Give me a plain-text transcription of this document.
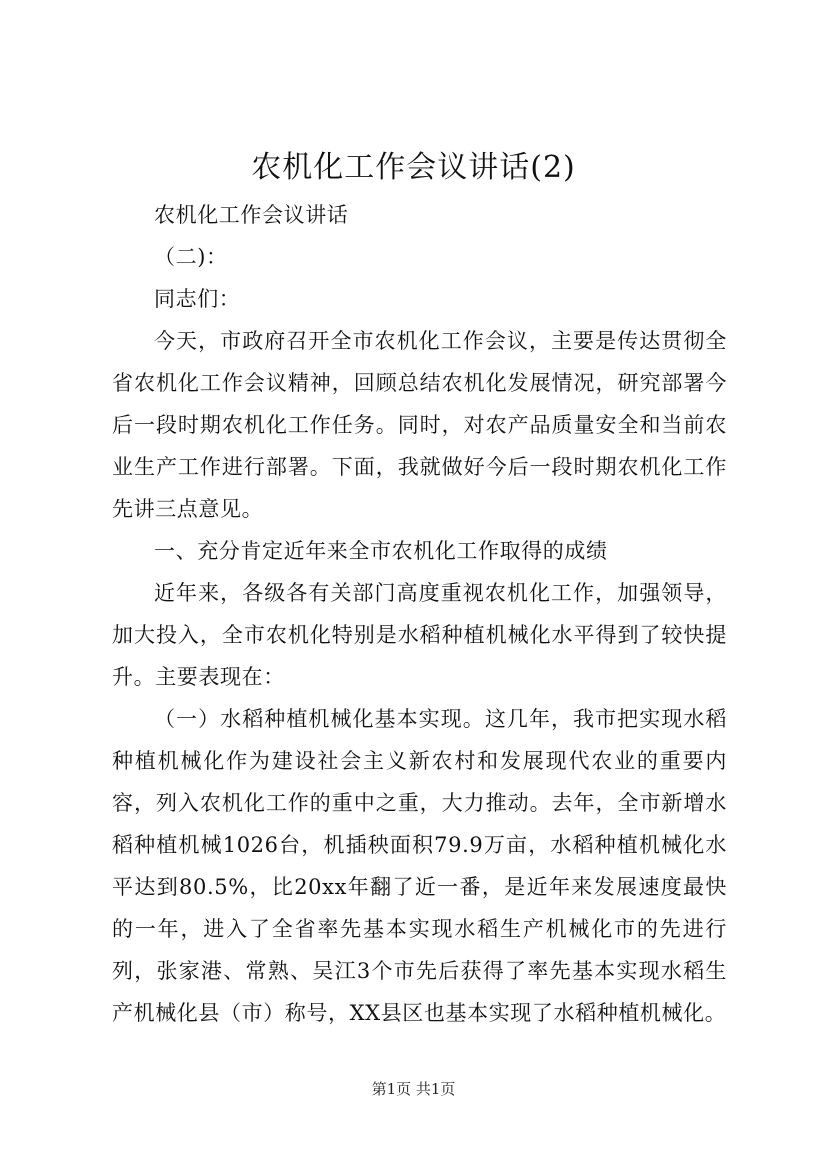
农机化工作会议讲话(2)

农机化工作会议讲话

（二)：

同志们：

今天，市政府召开全市农机化工作会议，主要是传达贯彻全省农机化工作会议精神，回顾总结农机化发展情况，研究部署今后一段时期农机化工作任务。同时，对农产品质量安全和当前农业生产工作进行部署。下面，我就做好今后一段时期农机化工作先讲三点意见。

一、充分肯定近年来全市农机化工作取得的成绩

近年来，各级各有关部门高度重视农机化工作，加强领导，加大投入，全市农机化特别是水稻种植机械化水平得到了较快提升。主要表现在：

（一）水稻种植机械化基本实现。这几年，我市把实现水稻种植机械化作为建设社会主义新农村和发展现代农业的重要内容，列入农机化工作的重中之重，大力推动。去年，全市新增水稻种植机械1026台，机插秧面积79.9万亩，水稻种植机械化水平达到80.5%，比20xx年翻了近一番，是近年来发展速度最快的一年，进入了全省率先基本实现水稻生产机械化市的先进行列，张家港、常熟、吴江3个市先后获得了率先基本实现水稻生产机械化县（市）称号，XX县区也基本实现了水稻种植机械化。

第1页 共1页
